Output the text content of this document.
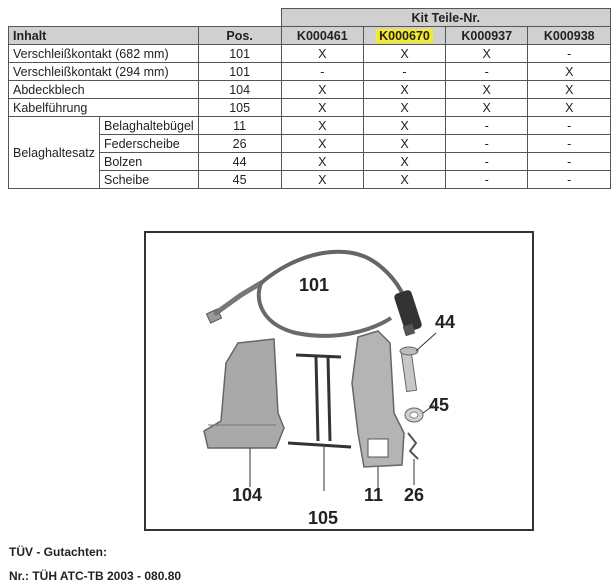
			Kit Teile-Nr.			
Inhalt		Pos.	K000461	K000670	K000937	K000938
Verschleißkontakt (682 mm)		101	X	X	X	-
Verschleißkontakt (294 mm)		101	-	-	-	X
Abdeckblech		104	X	X	X	X
Kabelführung		105	X	X	X	X
Belaghaltesatz	Belaghaltebügel	11	X	X	-	-
	Federscheibe	26	X	X	-	-
	Bolzen	44	X	X	-	-
	Scheibe	45	X	X	-	-
101
44
45
104
105
11 26
TÜV - Gutachten:
Nr.: TÜH ATC-TB 2003 - 080.80
